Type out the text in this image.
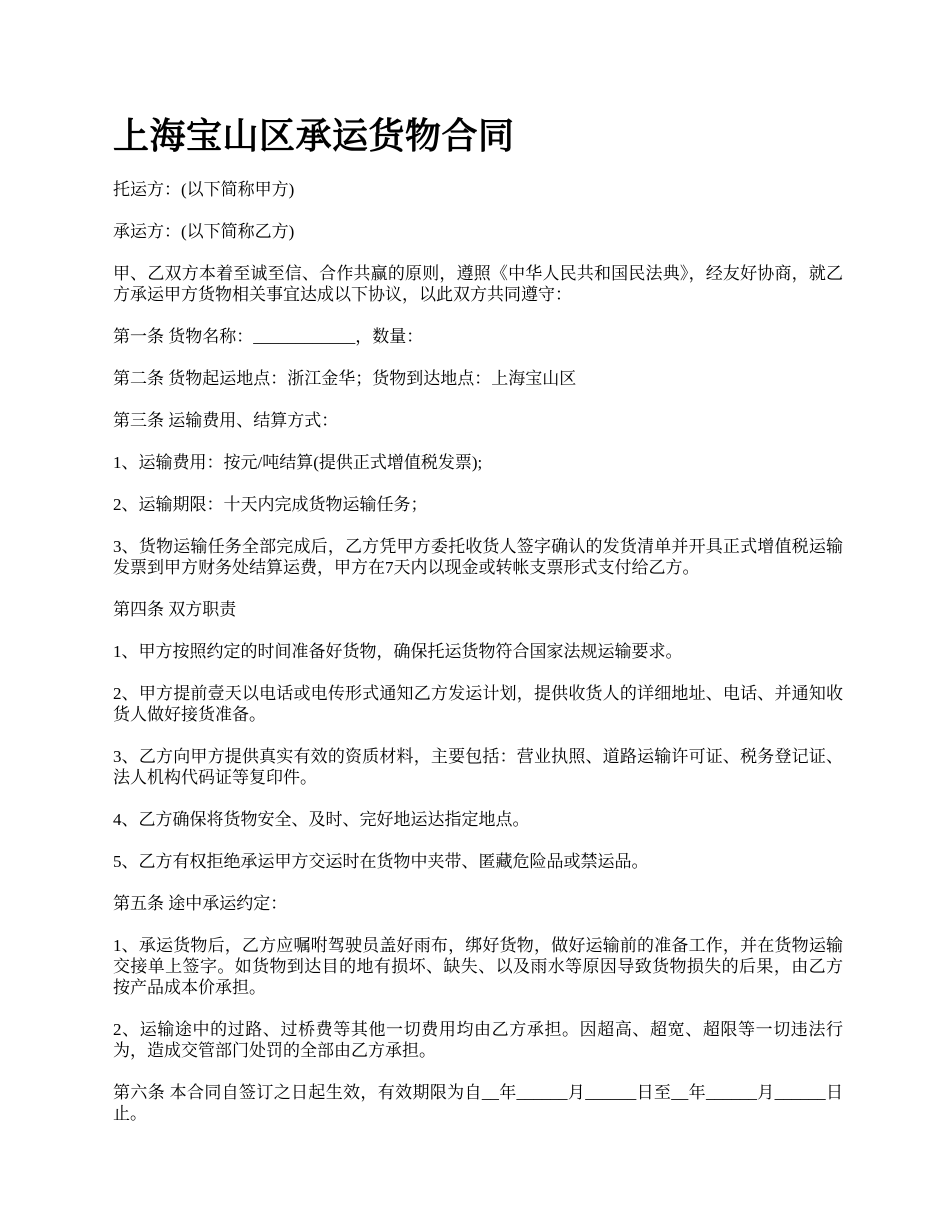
上海宝山区承运货物合同

托运方：(以下简称甲方)

承运方：(以下简称乙方)

甲、乙双方本着至诚至信、合作共赢的原则，遵照《中华人民共和国民法典》，经友好协商，就乙方承运甲方货物相关事宜达成以下协议，以此双方共同遵守：

第一条 货物名称：____________，数量：

第二条 货物起运地点：浙江金华；货物到达地点：上海宝山区

第三条 运输费用、结算方式：

1、运输费用：按元/吨结算(提供正式增值税发票);

2、运输期限：十天内完成货物运输任务；

3、货物运输任务全部完成后，乙方凭甲方委托收货人签字确认的发货清单并开具正式增值税运输发票到甲方财务处结算运费，甲方在7天内以现金或转帐支票形式支付给乙方。

第四条 双方职责

1、甲方按照约定的时间准备好货物，确保托运货物符合国家法规运输要求。

2、甲方提前壹天以电话或电传形式通知乙方发运计划，提供收货人的详细地址、电话、并通知收货人做好接货准备。

3、乙方向甲方提供真实有效的资质材料，主要包括：营业执照、道路运输许可证、税务登记证、法人机构代码证等复印件。

4、乙方确保将货物安全、及时、完好地运达指定地点。

5、乙方有权拒绝承运甲方交运时在货物中夹带、匿藏危险品或禁运品。

第五条 途中承运约定：

1、承运货物后，乙方应嘱咐驾驶员盖好雨布，绑好货物，做好运输前的准备工作，并在货物运输交接单上签字。如货物到达目的地有损坏、缺失、以及雨水等原因导致货物损失的后果，由乙方按产品成本价承担。

2、运输途中的过路、过桥费等其他一切费用均由乙方承担。因超高、超宽、超限等一切违法行为，造成交管部门处罚的全部由乙方承担。

第六条 本合同自签订之日起生效，有效期限为自__年______月______日至__年______月______日止。
